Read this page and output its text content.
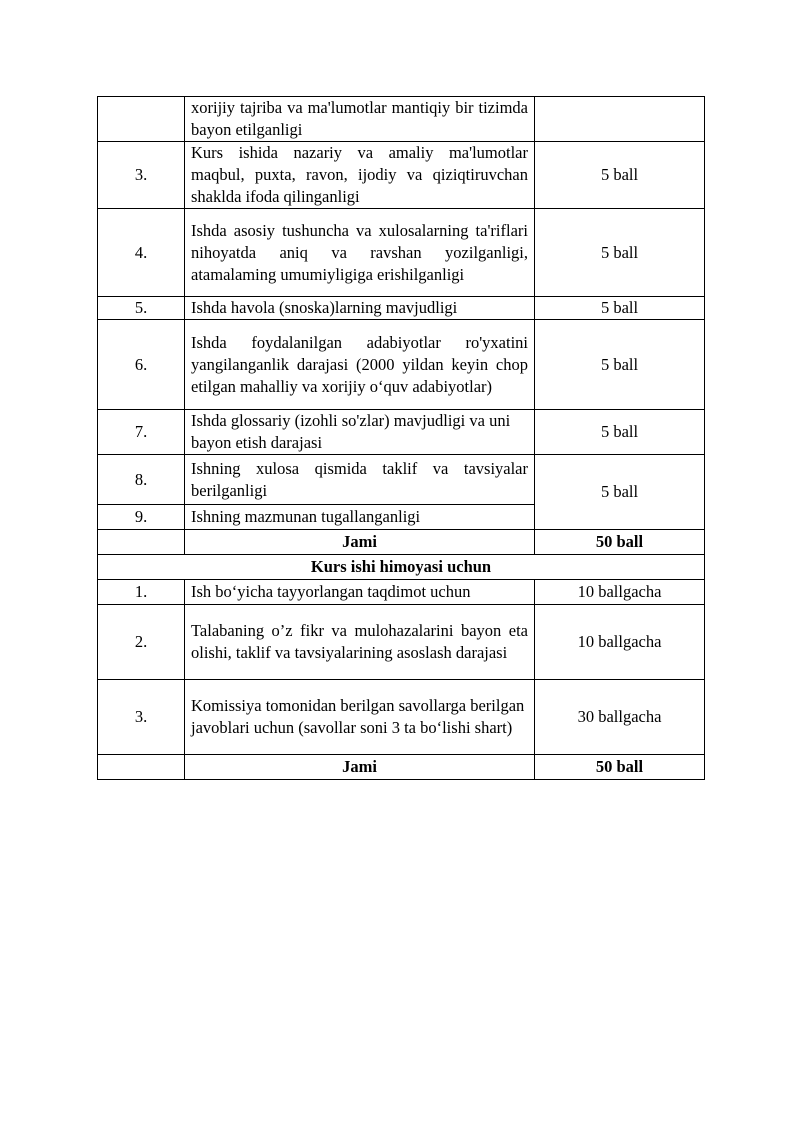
	xorijiy tajriba va ma'lumotlar mantiqiy bir tizimda bayon etilganligi	
3.	Kurs ishida nazariy va amaliy ma'lumotlar maqbul, puxta, ravon, ijodiy va qiziqtiruvchan shaklda ifoda qilinganligi	5 ball
4.	Ishda asosiy tushuncha va xulosalarning ta'riflari nihoyatda aniq va ravshan yozilganligi, atamalaming umumiyligiga erishilganligi	5 ball
5.	Ishda havola (snoska)larning mavjudligi	5 ball
6.	Ishda foydalanilgan adabiyotlar ro'yxatini yangilanganlik darajasi (2000 yildan keyin chop etilgan mahalliy va xorijiy o‘quv adabiyotlar)	5 ball
7.	Ishda glossariy (izohli so'zlar) mavjudligi va uni bayon etish darajasi	5 ball
8.	Ishning xulosa qismida taklif va tavsiyalar berilganligi	5 ball
9.	Ishning mazmunan tugallanganligi	
	Jami	50 ball
Kurs ishi himoyasi uchun		
1.	Ish bo‘yicha tayyorlangan taqdimot uchun	10 ballgacha
2.	Talabaning o’z fikr va mulohazalarini bayon eta olishi, taklif va tavsiyalarining asoslash darajasi	10 ballgacha
3.	Komissiya tomonidan berilgan savollarga berilgan javoblari uchun (savollar soni 3 ta bo‘lishi shart)	30 ballgacha
	Jami	50 ball
